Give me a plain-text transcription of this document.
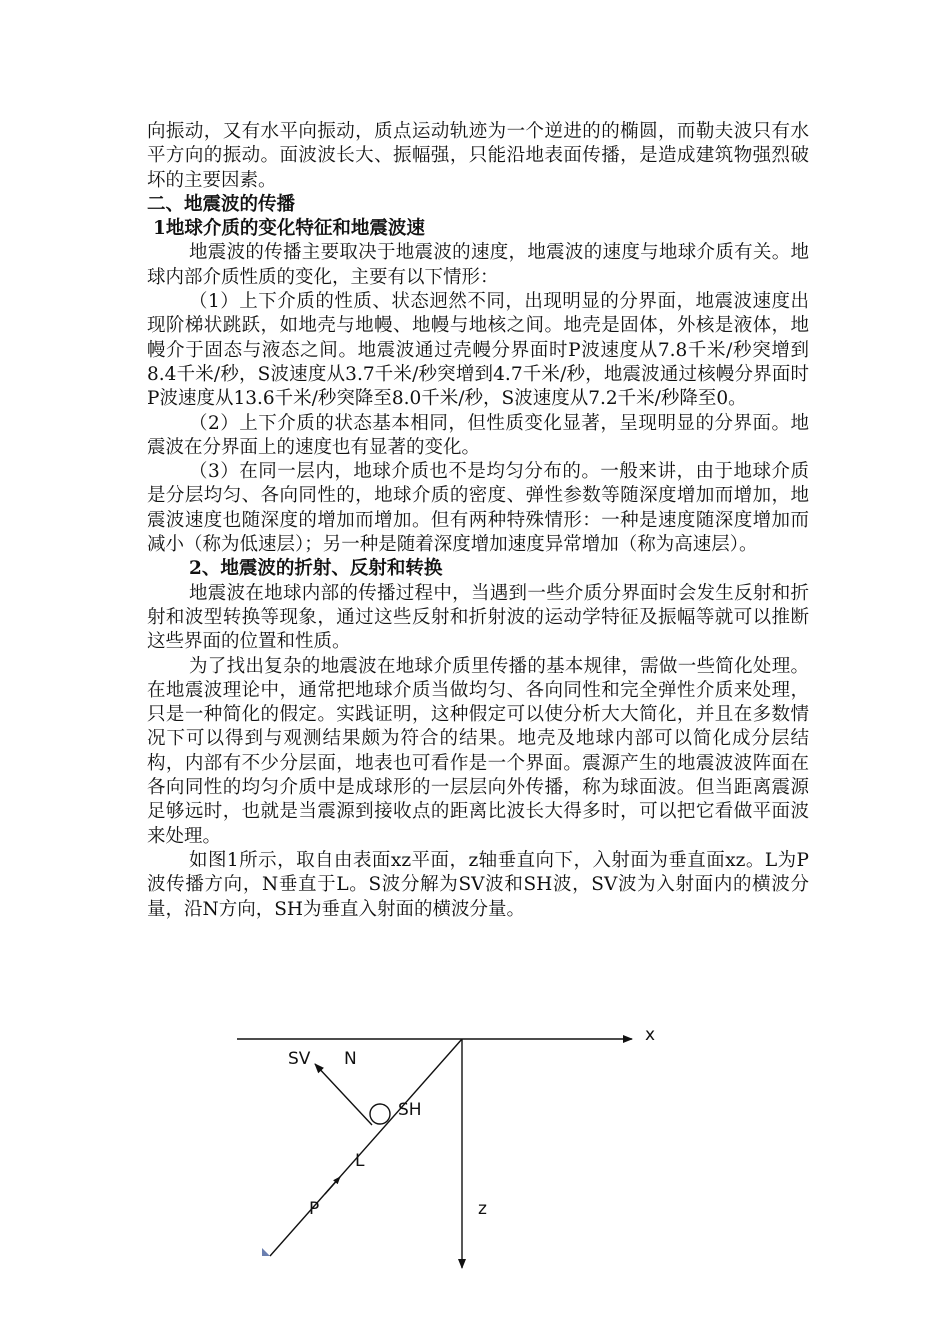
向振动，又有水平向振动，质点运动轨迹为一个逆进的的椭圆，而勒夫波只有水平方向的振动。面波波长大、振幅强，只能沿地表面传播，是造成建筑物强烈破坏的主要因素。

二、地震波的传播

1地球介质的变化特征和地震波速

地震波的传播主要取决于地震波的速度，地震波的速度与地球介质有关。地球内部介质性质的变化，主要有以下情形：

（1）上下介质的性质、状态迥然不同，出现明显的分界面，地震波速度出现阶梯状跳跃，如地壳与地幔、地幔与地核之间。地壳是固体，外核是液体，地幔介于固态与液态之间。地震波通过壳幔分界面时P波速度从7.8千米/秒突增到8.4千米/秒，S波速度从3.7千米/秒突增到4.7千米/秒，地震波通过核幔分界面时P波速度从13.6千米/秒突降至8.0千米/秒，S波速度从7.2千米/秒降至0。

（2）上下介质的状态基本相同，但性质变化显著，呈现明显的分界面。地震波在分界面上的速度也有显著的变化。

（3）在同一层内，地球介质也不是均匀分布的。一般来讲，由于地球介质是分层均匀、各向同性的，地球介质的密度、弹性参数等随深度增加而增加，地震波速度也随深度的增加而增加。但有两种特殊情形：一种是速度随深度增加而减小（称为低速层）；另一种是随着深度增加速度异常增加（称为高速层）。

2、地震波的折射、反射和转换

地震波在地球内部的传播过程中，当遇到一些介质分界面时会发生反射和折射和波型转换等现象，通过这些反射和折射波的运动学特征及振幅等就可以推断这些界面的位置和性质。

为了找出复杂的地震波在地球介质里传播的基本规律，需做一些简化处理。在地震波理论中，通常把地球介质当做均匀、各向同性和完全弹性介质来处理，只是一种简化的假定。实践证明，这种假定可以使分析大大简化，并且在多数情况下可以得到与观测结果颇为符合的结果。地壳及地球内部可以简化成分层结构，内部有不少分层面，地表也可看作是一个界面。震源产生的地震波波阵面在各向同性的均匀介质中是成球形的一层层向外传播，称为球面波。但当距离震源足够远时，也就是当震源到接收点的距离比波长大得多时，可以把它看做平面波来处理。

如图1所示，取自由表面xz平面，z轴垂直向下，入射面为垂直面xz。L为P波传播方向，N垂直于L。S波分解为SV波和SH波，SV波为入射面内的横波分量，沿N方向，SH为垂直入射面的横波分量。

x
z
SV N
SH
L
P
